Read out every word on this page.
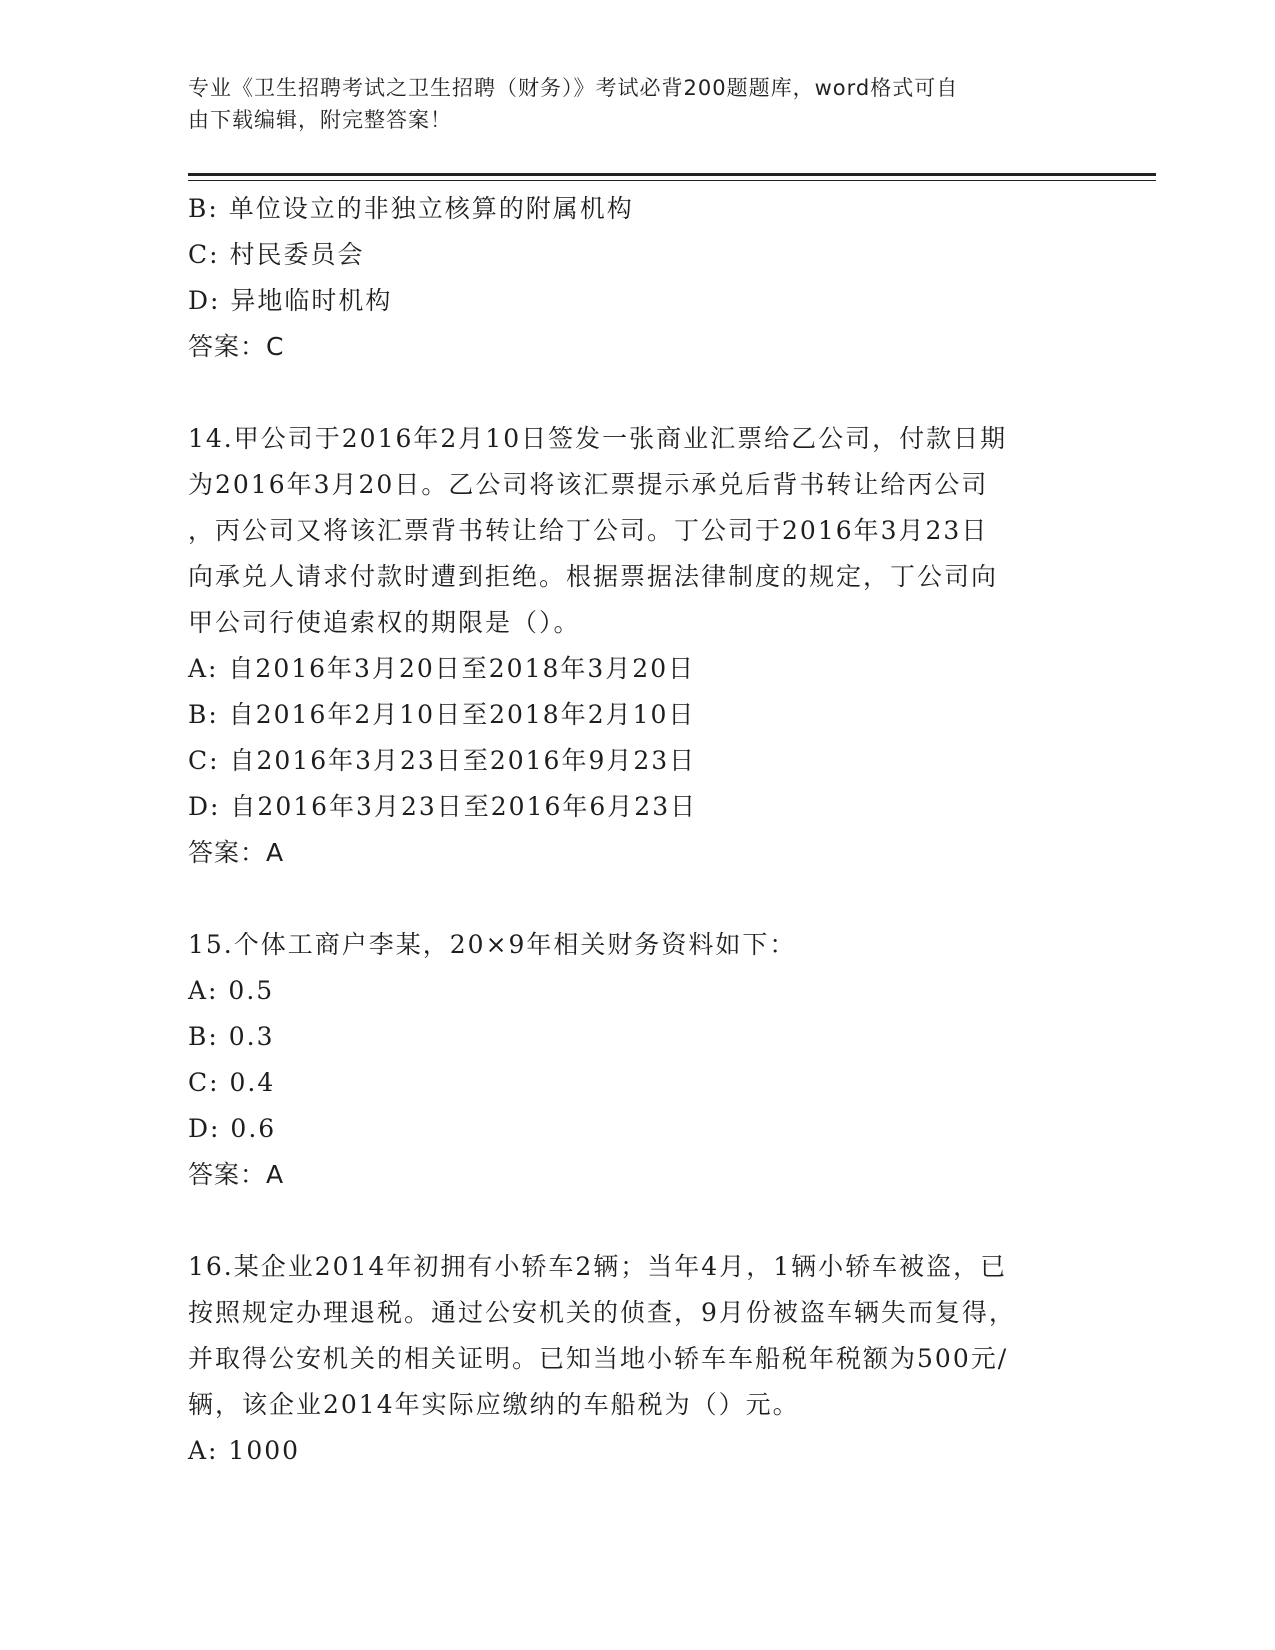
专业《卫生招聘考试之卫生招聘（财务）》考试必背200题题库，word格式可自
由下载编辑，附完整答案！
B: 单位设立的非独立核算的附属机构
C: 村民委员会
D: 异地临时机构
答案：C
14.甲公司于2016年2月10日签发一张商业汇票给乙公司，付款日期
为2016年3月20日。乙公司将该汇票提示承兑后背书转让给丙公司
，丙公司又将该汇票背书转让给丁公司。丁公司于2016年3月23日
向承兑人请求付款时遭到拒绝。根据票据法律制度的规定，丁公司向
甲公司行使追索权的期限是（）。
A: 自2016年3月20日至2018年3月20日
B: 自2016年2月10日至2018年2月10日
C: 自2016年3月23日至2016年9月23日
D: 自2016年3月23日至2016年6月23日
答案：A
15.个体工商户李某，20×9年相关财务资料如下：
A: 0.5
B: 0.3
C: 0.4
D: 0.6
答案：A
16.某企业2014年初拥有小轿车2辆；当年4月，1辆小轿车被盗，已
按照规定办理退税。通过公安机关的侦查，9月份被盗车辆失而复得，
并取得公安机关的相关证明。已知当地小轿车车船税年税额为500元/
辆，该企业2014年实际应缴纳的车船税为（）元。
A: 1000
